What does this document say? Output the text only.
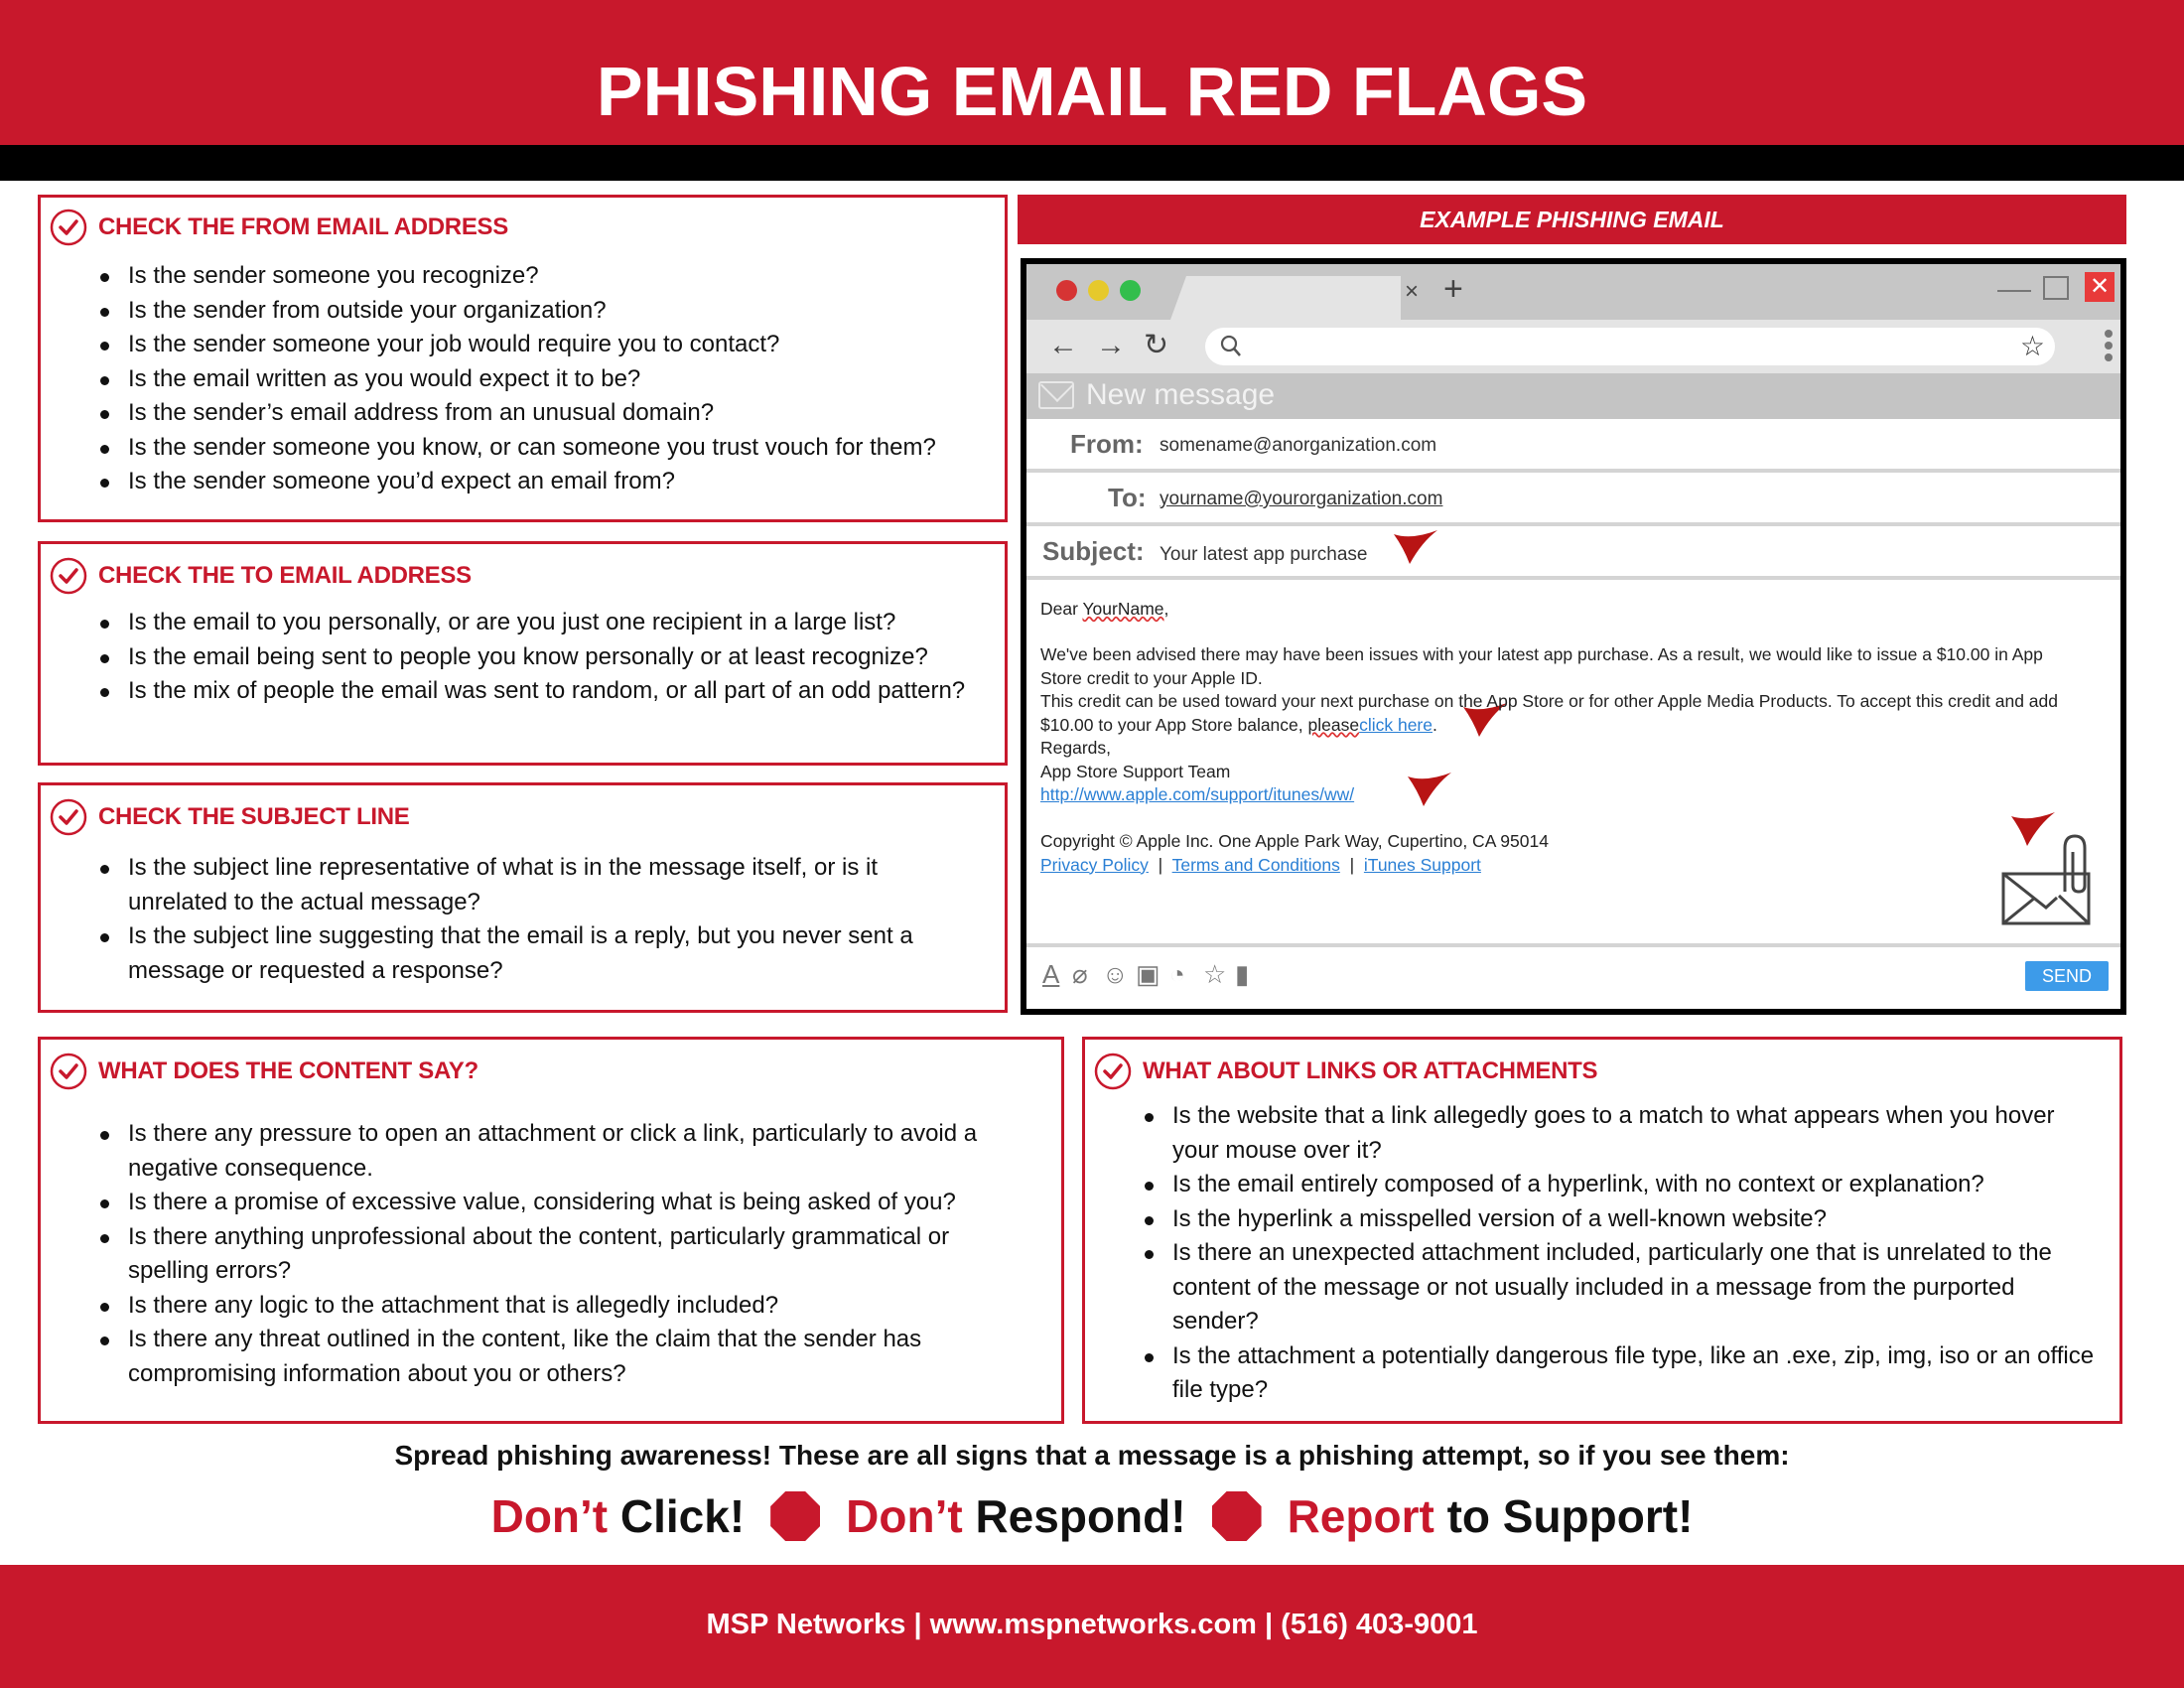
PHISHING EMAIL RED FLAGS
CHECK THE FROM EMAIL ADDRESS
Is the sender someone you recognize?
Is the sender from outside your organization?
Is the sender someone your job would require you to contact?
Is the email written as you would expect it to be?
Is the sender’s email address from an unusual domain?
Is the sender someone you know, or can someone you trust vouch for them?
Is the sender someone you’d expect an email from?
CHECK THE TO EMAIL ADDRESS
Is the email to you personally, or are you just one recipient in a large list?
Is the email being sent to people you know personally or at least recognize?
Is the mix of people the email was sent to random, or all part of an odd pattern?
CHECK THE SUBJECT LINE
Is the subject line representative of what is in the message itself, or is it unrelated to the actual message?
Is the subject line suggesting that the email is a reply, but you never sent a message or requested a response?
EXAMPLE PHISHING EMAIL
× +	✕
← → ↻	☆
New message
From: somename@anorganization.com
To: yourname@yourorganization.com
Subject: Your latest app purchase
Dear YourName,
We've been advised there may have been issues with your latest app purchase. As a result, we would like to issue a $10.00 in App
Store credit to your Apple ID.
This credit can be used toward your next purchase on the App Store or for other Apple Media Products. To accept this credit and add
$10.00 to your App Store balance, pleaseclick here.
Regards,
App Store Support Team
http://www.apple.com/support/itunes/ww/
Copyright © Apple Inc. One Apple Park Way, Cupertino, CA 95014
Privacy Policy | Terms and Conditions | iTunes Support
A ⌀ ☺ ▣ ◔ ☆ ▮	SEND
WHAT DOES THE CONTENT SAY?
Is there any pressure to open an attachment or click a link, particularly to avoid a negative consequence.
Is there a promise of excessive value, considering what is being asked of you?
Is there anything unprofessional about the content, particularly grammatical or spelling errors?
Is there any logic to the attachment that is allegedly included?
Is there any threat outlined in the content, like the claim that the sender has compromising information about you or others?
WHAT ABOUT LINKS OR ATTACHMENTS
Is the website that a link allegedly goes to a match to what appears when you hover your mouse over it?
Is the email entirely composed of a hyperlink, with no context or explanation?
Is the hyperlink a misspelled version of a well-known website?
Is there an unexpected attachment included, particularly one that is unrelated to the content of the message or not usually included in a message from the purported sender?
Is the attachment a potentially dangerous file type, like an .exe, zip, img, iso or an office file type?
Spread phishing awareness! These are all signs that a message is a phishing attempt, so if you see them:
Don’t Click! Don’t Respond! Report to Support!
MSP Networks | www.mspnetworks.com | (516) 403-9001
